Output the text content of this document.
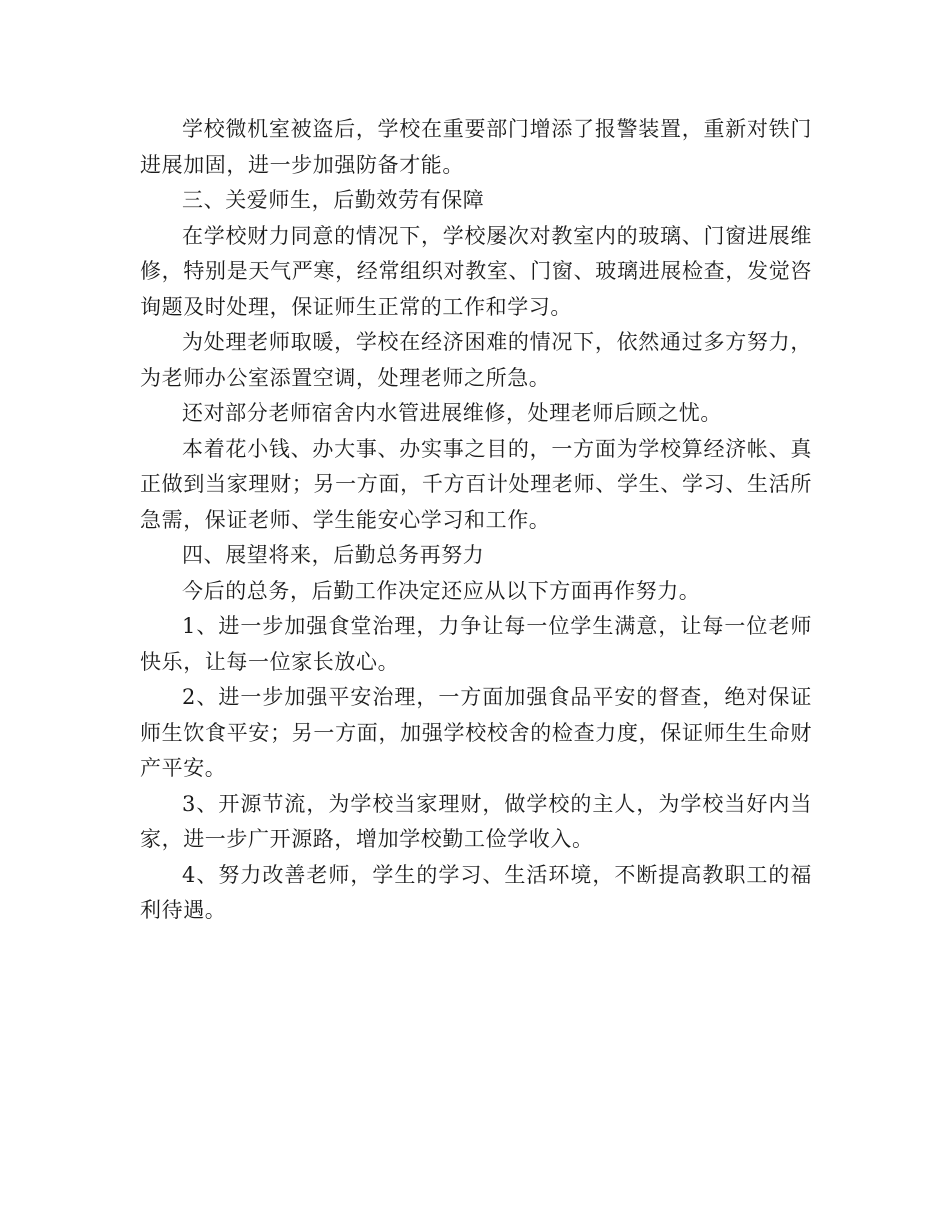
学校微机室被盗后，学校在重要部门增添了报警装置，重新对铁门进展加固，进一步加强防备才能。

三、关爱师生，后勤效劳有保障

在学校财力同意的情况下，学校屡次对教室内的玻璃、门窗进展维修，特别是天气严寒，经常组织对教室、门窗、玻璃进展检查，发觉咨询题及时处理，保证师生正常的工作和学习。

为处理老师取暖，学校在经济困难的情况下，依然通过多方努力，为老师办公室添置空调，处理老师之所急。

还对部分老师宿舍内水管进展维修，处理老师后顾之忧。

本着花小钱、办大事、办实事之目的，一方面为学校算经济帐、真正做到当家理财；另一方面，千方百计处理老师、学生、学习、生活所急需，保证老师、学生能安心学习和工作。

四、展望将来，后勤总务再努力

今后的总务，后勤工作决定还应从以下方面再作努力。

1、进一步加强食堂治理，力争让每一位学生满意，让每一位老师快乐，让每一位家长放心。

2、进一步加强平安治理，一方面加强食品平安的督查，绝对保证师生饮食平安；另一方面，加强学校校舍的检查力度，保证师生生命财产平安。

3、开源节流，为学校当家理财，做学校的主人，为学校当好内当家，进一步广开源路，增加学校勤工俭学收入。

4、努力改善老师，学生的学习、生活环境，不断提高教职工的福利待遇。
